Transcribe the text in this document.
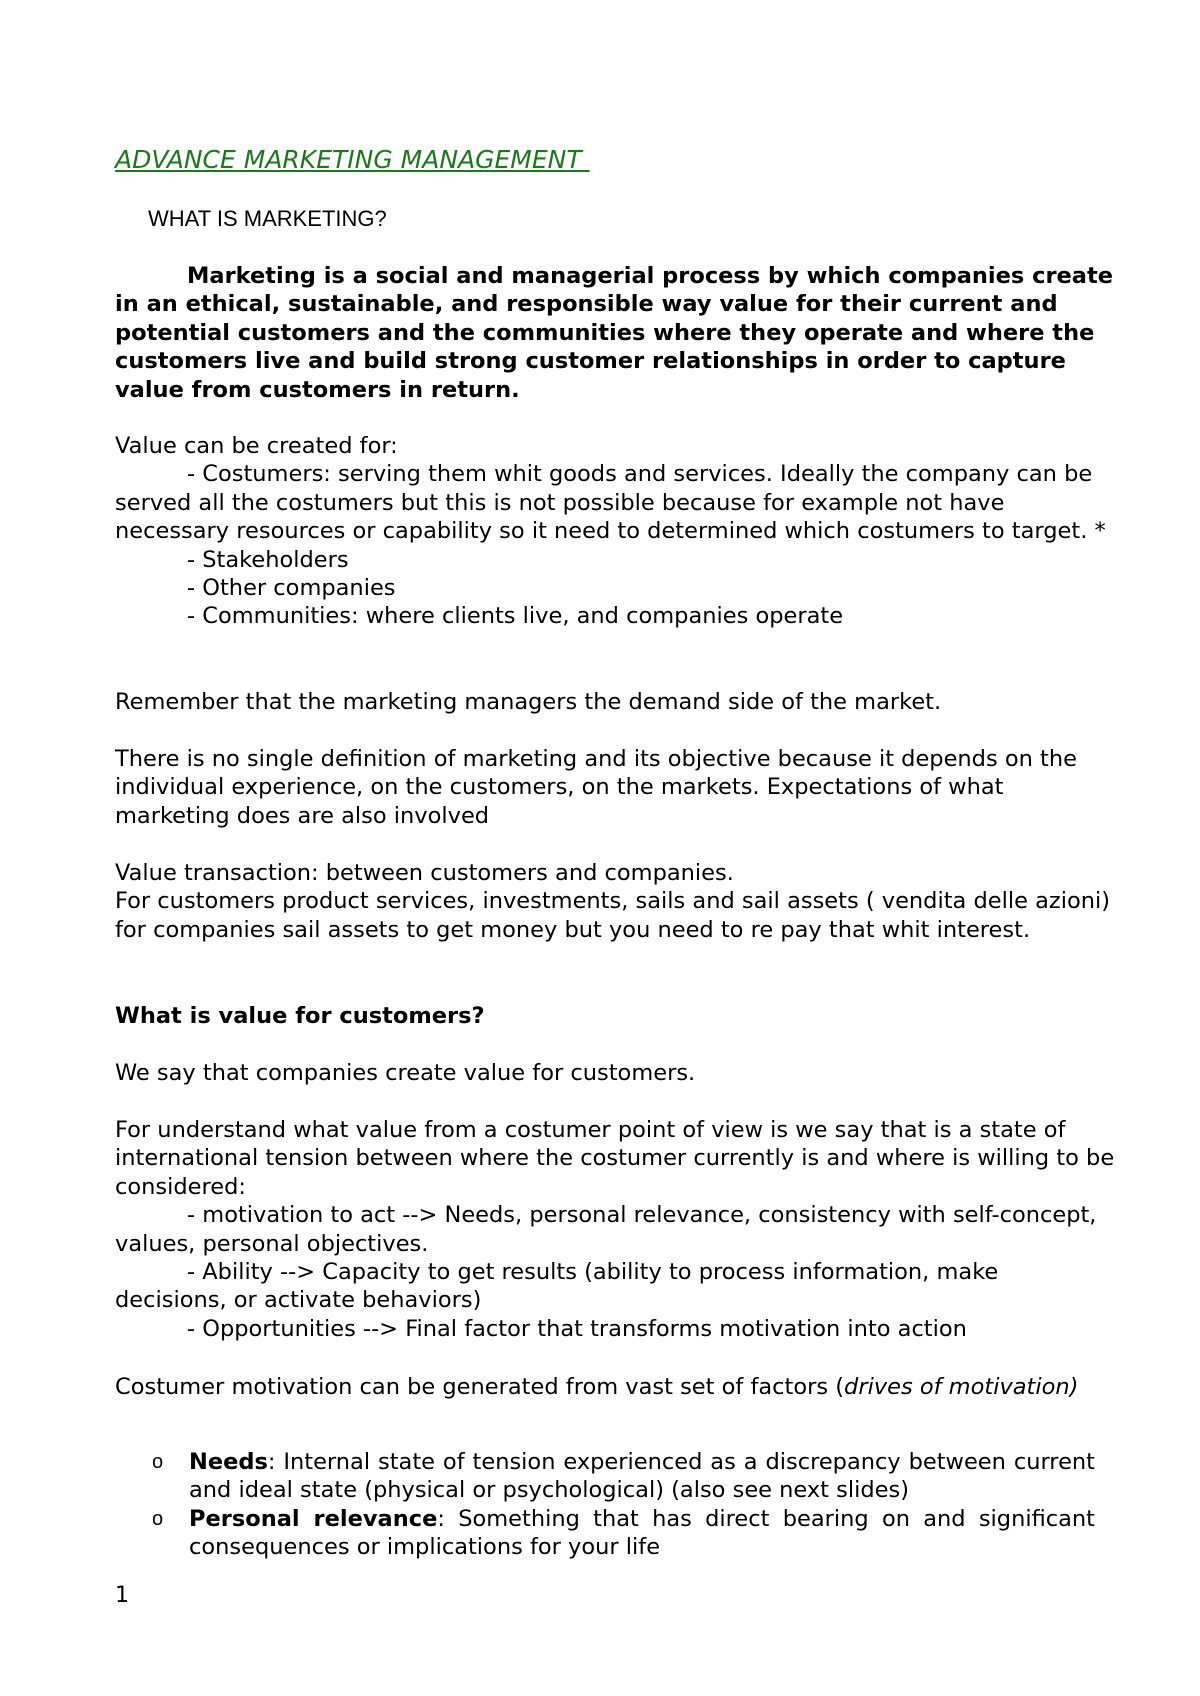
ADVANCE MARKETING MANAGEMENT
WHAT IS MARKETING?

Marketing is a social and managerial process by which companies create in an ethical, sustainable, and responsible way value for their current and potential customers and the communities where they operate and where the customers live and build strong customer relationships in order to capture value from customers in return.

Value can be created for:

- Costumers: serving them whit goods and services. Ideally the company can be served all the costumers but this is not possible because for example not have necessary resources or capability so it need to determined which costumers to target. *

- Stakeholders

- Other companies

- Communities: where clients live, and companies operate

Remember that the marketing managers the demand side of the market.

There is no single definition of marketing and its objective because it depends on the individual experience, on the customers, on the markets. Expectations of what marketing does are also involved

Value transaction: between customers and companies.

For customers product services, investments, sails and sail assets ( vendita delle azioni) for companies sail assets to get money but you need to re pay that whit interest.

What is value for customers?

We say that companies create value for customers.

For understand what value from a costumer point of view is we say that is a state of international tension between where the costumer currently is and where is willing to be considered:

- motivation to act --> Needs, personal relevance, consistency with self-concept, values, personal objectives.

- Ability --> Capacity to get results (ability to process information, make decisions, or activate behaviors)

- Opportunities --> Final factor that transforms motivation into action

Costumer motivation can be generated from vast set of factors (drives of motivation)

o Needs: Internal state of tension experienced as a discrepancy between current and ideal state (physical or psychological) (also see next slides)
o Personal relevance: Something that has direct bearing on and significant consequences or implications for your life
1
